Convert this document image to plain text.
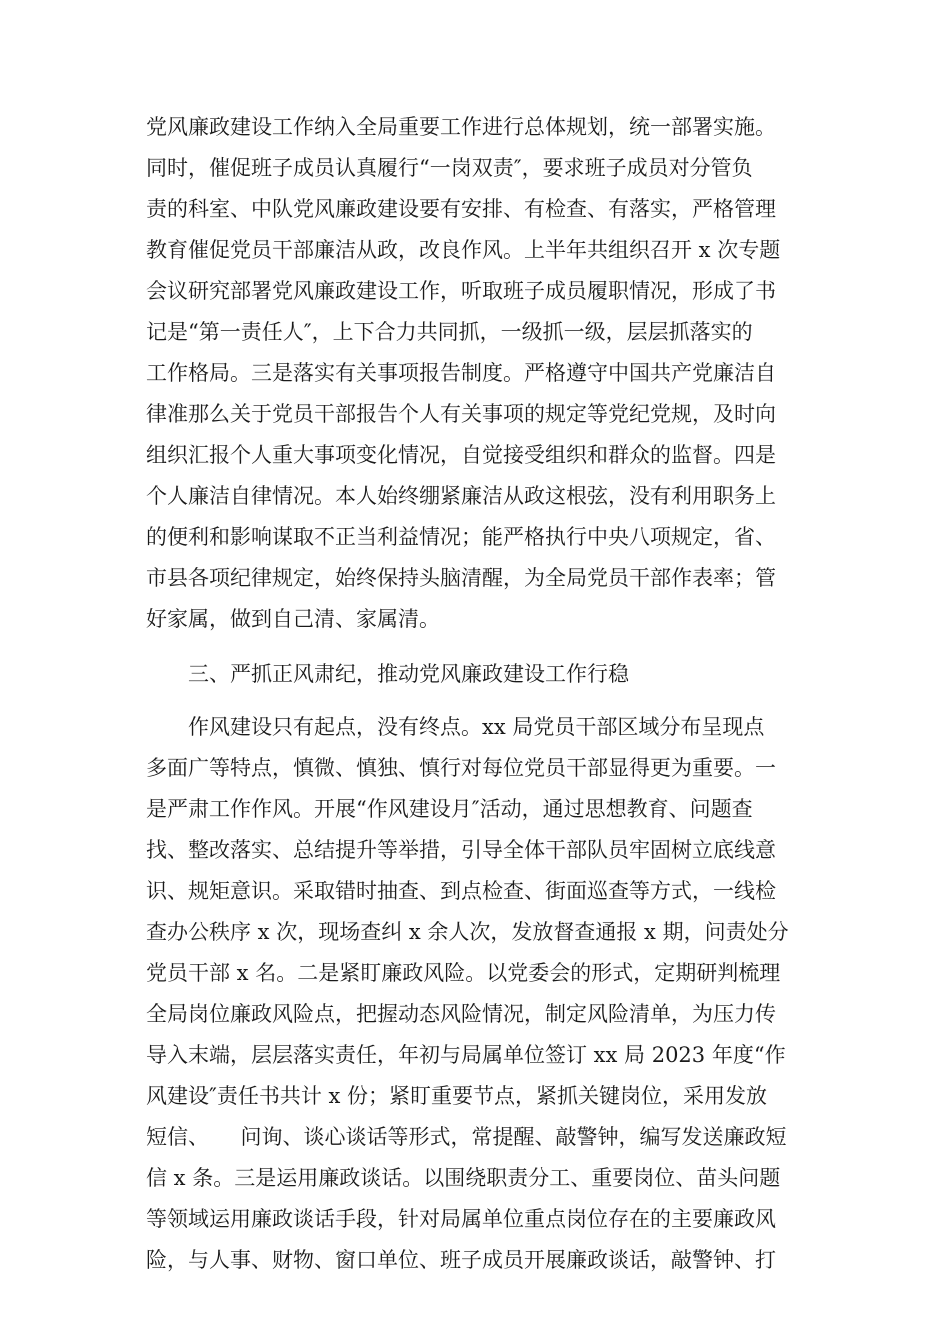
党风廉政建设工作纳入全局重要工作进行总体规划，统一部署实施。
同时，催促班子成员认真履行“一岗双责″，要求班子成员对分管负
责的科室、中队党风廉政建设要有安排、有检查、有落实，严格管理
教育催促党员干部廉洁从政，改良作风。上半年共组织召开 x 次专题
会议研究部署党风廉政建设工作，听取班子成员履职情况，形成了书
记是“第一责任人″，上下合力共同抓，一级抓一级，层层抓落实的
工作格局。三是落实有关事项报告制度。严格遵守中国共产党廉洁自
律准那么关于党员干部报告个人有关事项的规定等党纪党规，及时向
组织汇报个人重大事项变化情况，自觉接受组织和群众的监督。四是
个人廉洁自律情况。本人始终绷紧廉洁从政这根弦，没有利用职务上
的便利和影响谋取不正当利益情况；能严格执行中央八项规定，省、
市县各项纪律规定，始终保持头脑清醒，为全局党员干部作表率；管
好家属，做到自己清、家属清。
三、严抓正风肃纪，推动党风廉政建设工作行稳
作风建设只有起点，没有终点。xx 局党员干部区域分布呈现点
多面广等特点，慎微、慎独、慎行对每位党员干部显得更为重要。一
是严肃工作作风。开展“作风建设月″活动，通过思想教育、问题查
找、整改落实、总结提升等举措，引导全体干部队员牢固树立底线意
识、规矩意识。采取错时抽查、到点检查、街面巡查等方式，一线检
查办公秩序 x 次，现场查纠 x 余人次，发放督查通报 x 期，问责处分
党员干部 x 名。二是紧盯廉政风险。以党委会的形式，定期研判梳理
全局岗位廉政风险点，把握动态风险情况，制定风险清单，为压力传
导入末端，层层落实责任，年初与局属单位签订 xx 局 2023 年度“作
风建设″责任书共计 x 份；紧盯重要节点，紧抓关键岗位，采用发放
短信、　　问询、谈心谈话等形式，常提醒、敲警钟，编写发送廉政短
信 x 条。三是运用廉政谈话。以围绕职责分工、重要岗位、苗头问题
等领域运用廉政谈话手段，针对局属单位重点岗位存在的主要廉政风
险，与人事、财物、窗口单位、班子成员开展廉政谈话，敲警钟、打
